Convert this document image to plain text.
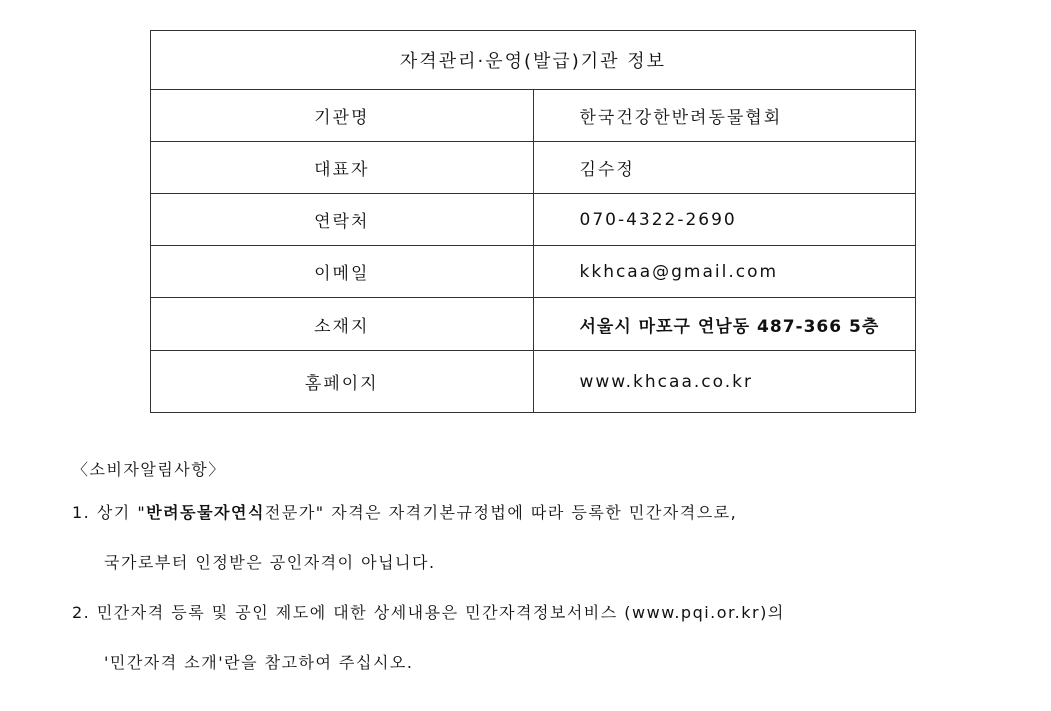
자격관리·운영(발급)기관 정보	
기관명	한국건강한반려동물협회
대표자	김수정
연락처	070-4322-2690
이메일	kkhcaa@gmail.com
소재지	서울시 마포구 연남동 487-366 5층
홈페이지	www.khcaa.co.kr
〈소비자알림사항〉
1. 상기 "반려동물자연식전문가" 자격은 자격기본규정법에 따라 등록한 민간자격으로,
국가로부터 인정받은 공인자격이 아닙니다.
2. 민간자격 등록 및 공인 제도에 대한 상세내용은 민간자격정보서비스 (www.pqi.or.kr)의
'민간자격 소개'란을 참고하여 주십시오.
